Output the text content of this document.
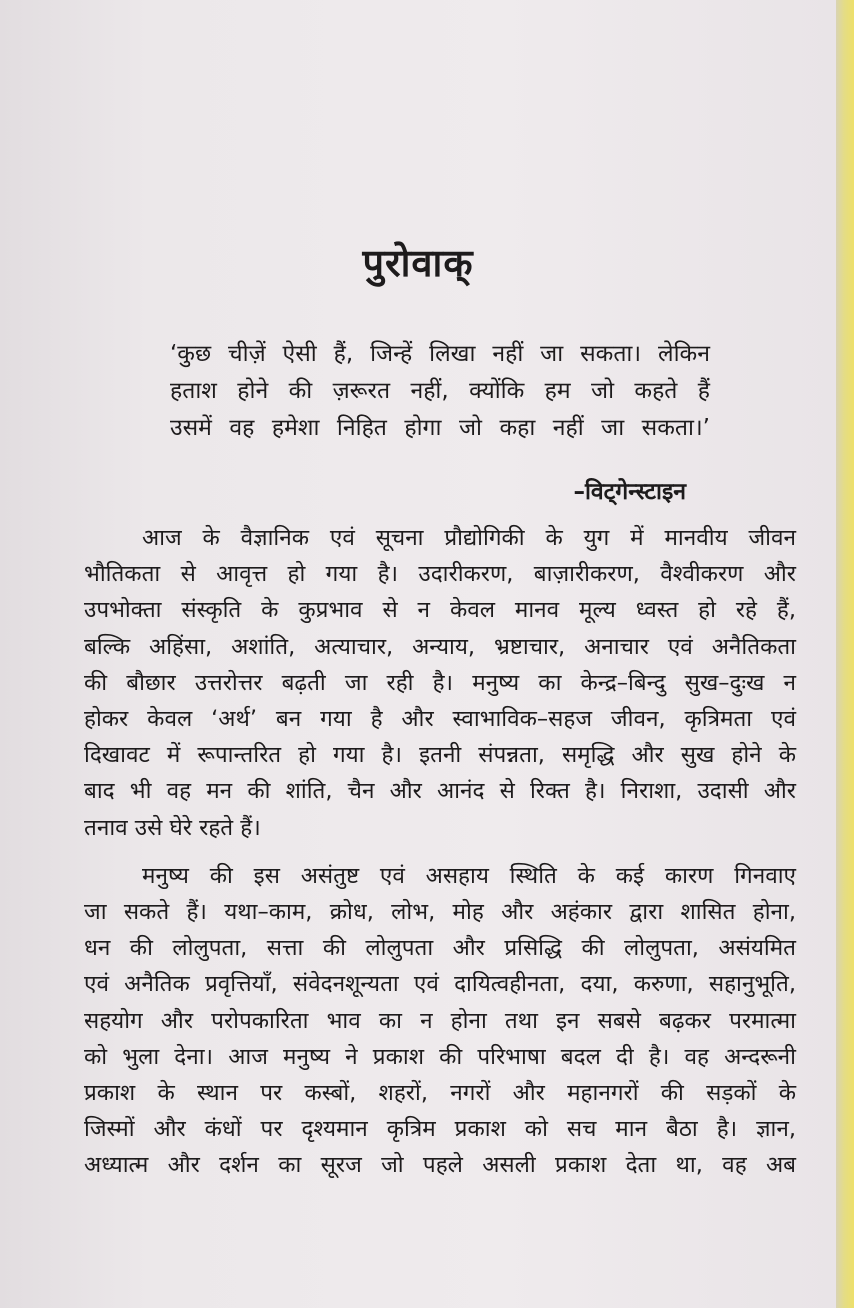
पुरोवाक्

‘कुछ चीज़ें ऐसी हैं, जिन्हें लिखा नहीं जा सकता। लेकिन

हताश होने की ज़रूरत नहीं, क्योंकि हम जो कहते हैं

उसमें वह हमेशा निहित होगा जो कहा नहीं जा सकता।’

–विट्गेन्स्टाइन

आज के वैज्ञानिक एवं सूचना प्रौद्योगिकी के युग में मानवीय जीवन
भौतिकता से आवृत्त हो गया है। उदारीकरण, बाज़ारीकरण, वैश्वीकरण और
उपभोक्ता संस्कृति के कुप्रभाव से न केवल मानव मूल्य ध्वस्त हो रहे हैं,
बल्कि अहिंसा, अशांति, अत्याचार, अन्याय, भ्रष्टाचार, अनाचार एवं अनैतिकता
की बौछार उत्तरोत्तर बढ़ती जा रही है। मनुष्य का केन्द्र–बिन्दु सुख–दुःख न
होकर केवल ‘अर्थ’ बन गया है और स्वाभाविक–सहज जीवन, कृत्रिमता एवं
दिखावट में रूपान्तरित हो गया है। इतनी संपन्नता, समृद्धि और सुख होने के
बाद भी वह मन की शांति, चैन और आनंद से रिक्त है। निराशा, उदासी और
तनाव उसे घेरे रहते हैं।

मनुष्य की इस असंतुष्ट एवं असहाय स्थिति के कई कारण गिनवाए
जा सकते हैं। यथा–काम, क्रोध, लोभ, मोह और अहंकार द्वारा शासित होना,
धन की लोलुपता, सत्ता की लोलुपता और प्रसिद्धि की लोलुपता, असंयमित
एवं अनैतिक प्रवृत्तियाँ, संवेदनशून्यता एवं दायित्वहीनता, दया, करुणा, सहानुभूति,
सहयोग और परोपकारिता भाव का न होना तथा इन सबसे बढ़कर परमात्मा
को भुला देना। आज मनुष्य ने प्रकाश की परिभाषा बदल दी है। वह अन्दरूनी
प्रकाश के स्थान पर कस्बों, शहरों, नगरों और महानगरों की सड़कों के
जिस्मों और कंधों पर दृश्यमान कृत्रिम प्रकाश को सच मान बैठा है। ज्ञान,
अध्यात्म और दर्शन का सूरज जो पहले असली प्रकाश देता था, वह अब
